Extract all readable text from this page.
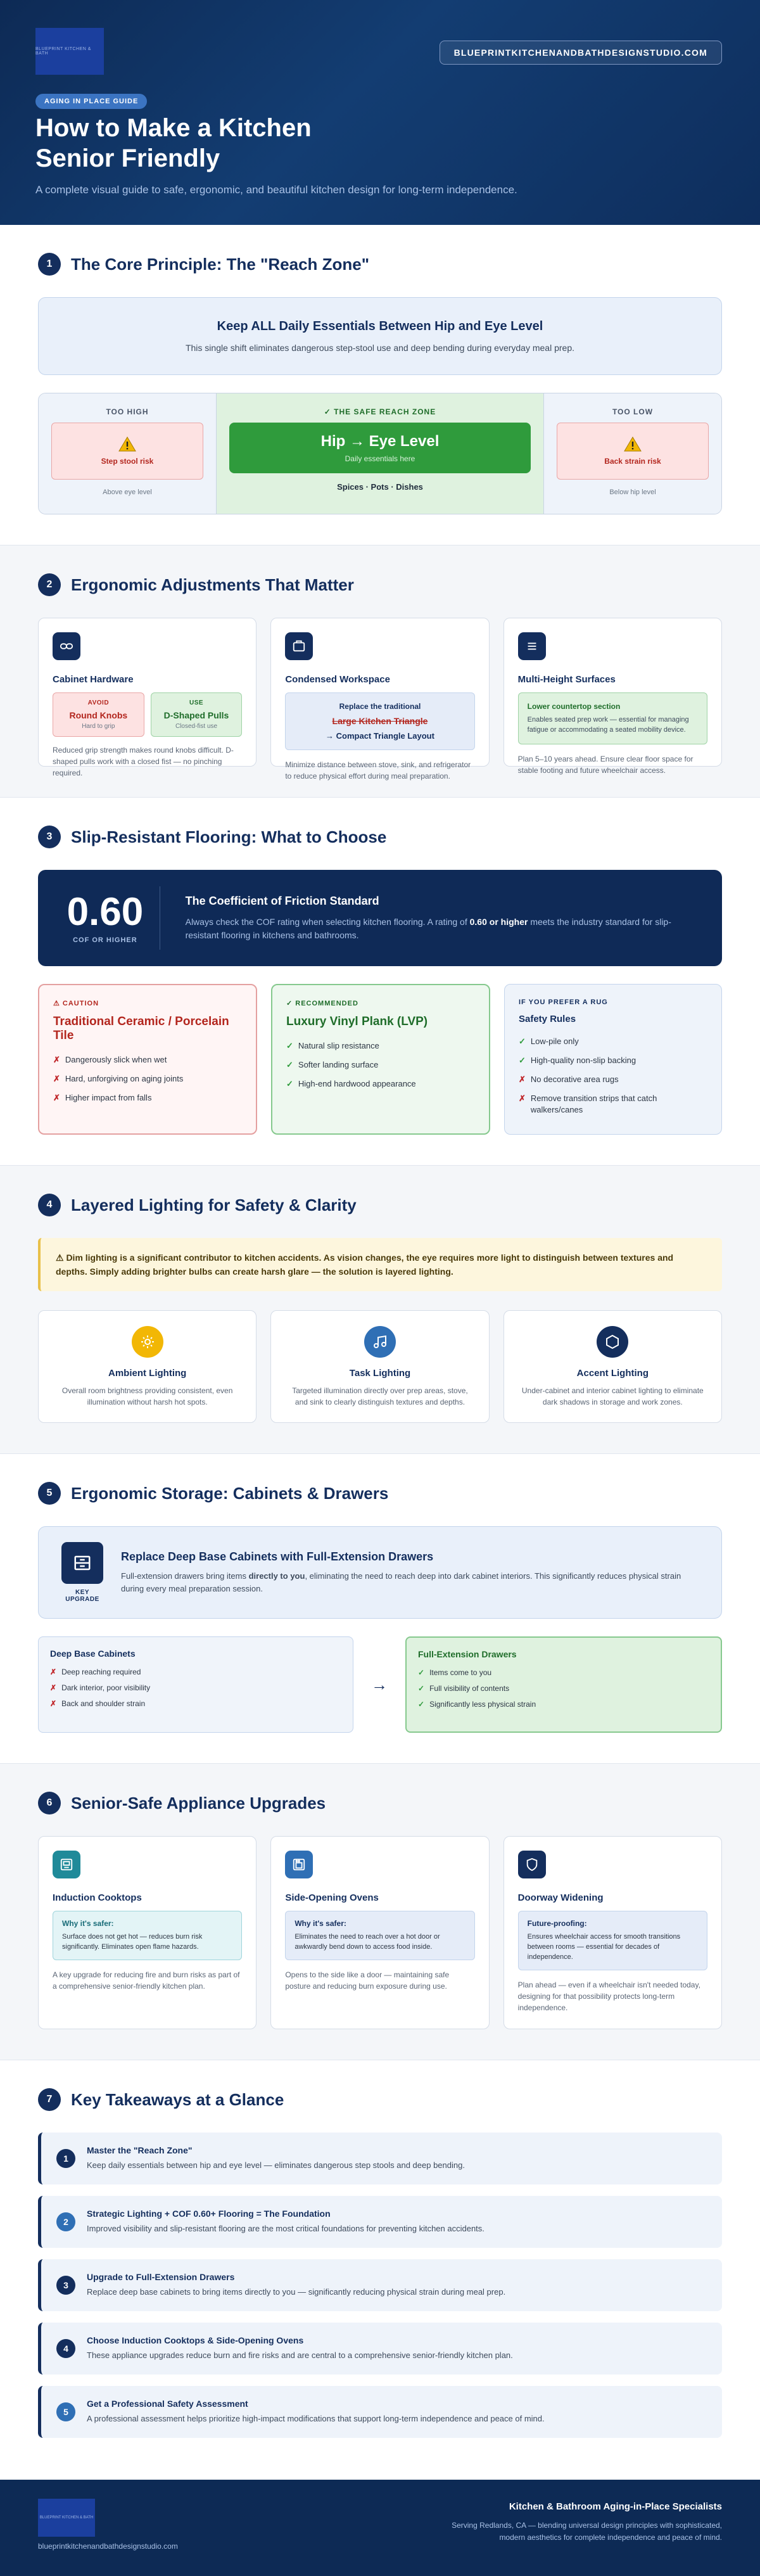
BLUEPRINT KITCHEN & BATH	BLUEPRINTKITCHENANDBATHDESIGNSTUDIO.COM
AGING IN PLACE GUIDE
How to Make a Kitchen
Senior Friendly

A complete visual guide to safe, ergonomic, and beautiful kitchen design for long-term independence.

1	The Core Principle: The "Reach Zone"
Keep ALL Daily Essentials Between Hip and Eye Level

This single shift eliminates dangerous step-stool use and deep bending during everyday meal prep.

TOO HIGH
Step stool risk
Above eye level
✓ THE SAFE REACH ZONE
Hip → Eye Level
Daily essentials here
Spices · Pots · Dishes
TOO LOW
Back strain risk
Below hip level
2	Ergonomic Adjustments That Matter
Cabinet Hardware
AVOID
Round Knobs
Hard to grip
USE
D-Shaped Pulls
Closed-fist use

Reduced grip strength makes round knobs difficult. D-shaped pulls work with a closed fist — no pinching required.

Condensed Workspace
Replace the traditional
Large Kitchen Triangle
→ Compact Triangle Layout

Minimize distance between stove, sink, and refrigerator to reduce physical effort during meal preparation.

Multi-Height Surfaces
Lower countertop section
Enables seated prep work — essential for managing fatigue or accommodating a seated mobility device.

Plan 5–10 years ahead. Ensure clear floor space for stable footing and future wheelchair access.

3	Slip-Resistant Flooring: What to Choose
0.60
COF OR HIGHER
The Coefficient of Friction Standard

Always check the COF rating when selecting kitchen flooring. A rating of 0.60 or higher meets the industry standard for slip-resistant flooring in kitchens and bathrooms.

⚠ CAUTION
Traditional Ceramic / Porcelain Tile
✗ Dangerously slick when wet
✗ Hard, unforgiving on aging joints
✗ Higher impact from falls
✓ RECOMMENDED
Luxury Vinyl Plank (LVP)
✓ Natural slip resistance
✓ Softer landing surface
✓ High-end hardwood appearance
IF YOU PREFER A RUG
Safety Rules
✓ Low-pile only
✓ High-quality non-slip backing
✗ No decorative area rugs
✗ Remove transition strips that catch walkers/canes
4	Layered Lighting for Safety & Clarity
⚠ Dim lighting is a significant contributor to kitchen accidents. As vision changes, the eye requires more light to distinguish between textures and depths. Simply adding brighter bulbs can create harsh glare — the solution is layered lighting.
Ambient Lighting

Overall room brightness providing consistent, even illumination without harsh hot spots.

Task Lighting

Targeted illumination directly over prep areas, stove, and sink to clearly distinguish textures and depths.

Accent Lighting

Under-cabinet and interior cabinet lighting to eliminate dark shadows in storage and work zones.

5	Ergonomic Storage: Cabinets & Drawers
KEY UPGRADE
Replace Deep Base Cabinets with Full-Extension Drawers

Full-extension drawers bring items directly to you, eliminating the need to reach deep into dark cabinet interiors. This significantly reduces physical strain during every meal preparation session.

Deep Base Cabinets
✗ Deep reaching required
✗ Dark interior, poor visibility
✗ Back and shoulder strain
→
Full-Extension Drawers
✓ Items come to you
✓ Full visibility of contents
✓ Significantly less physical strain
6	Senior-Safe Appliance Upgrades
Induction Cooktops
Why it's safer:
Surface does not get hot — reduces burn risk significantly. Eliminates open flame hazards.

A key upgrade for reducing fire and burn risks as part of a comprehensive senior-friendly kitchen plan.

Side-Opening Ovens
Why it's safer:
Eliminates the need to reach over a hot door or awkwardly bend down to access food inside.

Opens to the side like a door — maintaining safe posture and reducing burn exposure during use.

Doorway Widening
Future-proofing:
Ensures wheelchair access for smooth transitions between rooms — essential for decades of independence.

Plan ahead — even if a wheelchair isn't needed today, designing for that possibility protects long-term independence.

7	Key Takeaways at a Glance
1
Master the "Reach Zone"

Keep daily essentials between hip and eye level — eliminates dangerous step stools and deep bending.

2
Strategic Lighting + COF 0.60+ Flooring = The Foundation

Improved visibility and slip-resistant flooring are the most critical foundations for preventing kitchen accidents.

3
Upgrade to Full-Extension Drawers

Replace deep base cabinets to bring items directly to you — significantly reducing physical strain during meal prep.

4
Choose Induction Cooktops & Side-Opening Ovens

These appliance upgrades reduce burn and fire risks and are central to a comprehensive senior-friendly kitchen plan.

5
Get a Professional Safety Assessment

A professional assessment helps prioritize high-impact modifications that support long-term independence and peace of mind.

BLUEPRINT KITCHEN & BATH
blueprintkitchenandbathdesignstudio.com
Kitchen & Bathroom Aging-in-Place Specialists

Serving Redlands, CA — blending universal design principles with sophisticated, modern aesthetics for complete independence and peace of mind.
